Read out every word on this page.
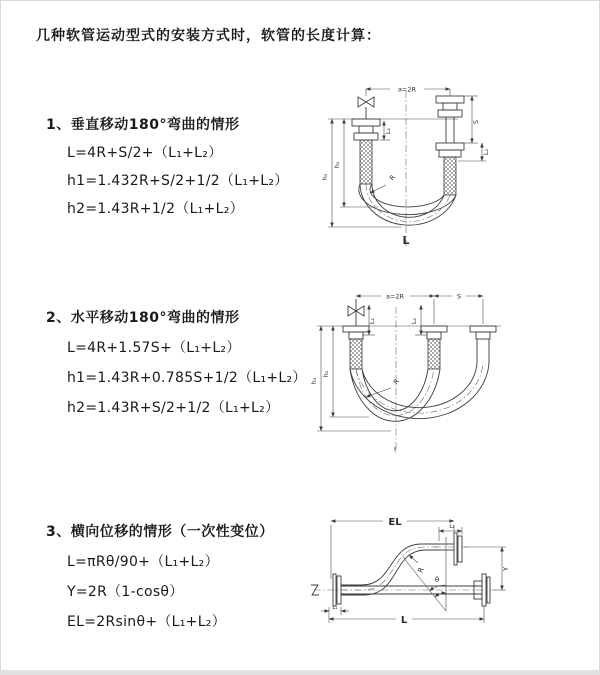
几种软管运动型式的安装方式时，软管的长度计算：
1、垂直移动180°弯曲的情形
L=4R+S/2+（L₁+L₂）
h1=1.432R+S/2+1/2（L₁+L₂）
h2=1.43R+1/2（L₁+L₂）
2、水平移动180°弯曲的情形
L=4R+1.57S+（L₁+L₂）
h1=1.43R+0.785S+1/2（L₁+L₂）
h2=1.43R+S/2+1/2（L₁+L₂）
3、横向位移的情形（一次性变位）
L=πRθ/90+（L₁+L₂）
Y=2R（1-cosθ）
EL=2Rsinθ+（L₁+L₂）
a=2R
S
L₂
L₁
h₁
h₂
R
L
a=2R	S
L₁	L₂
h₁
h₂
R
EL	L₂
Y
R
θ
L
L₁
